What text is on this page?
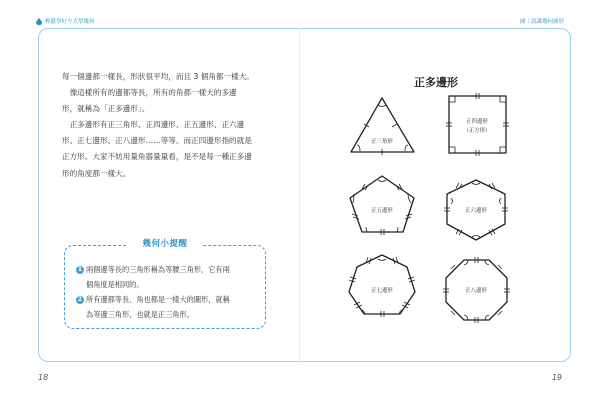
輕鬆學好方式學幾何	圖｜認識幾何圖形
每一個邊都一樣長，形狀很平均，而且 3 個角都一樣大。
　像這樣所有的邊都等長，所有的角都一樣大的多邊
形，就稱為「正多邊形」。
　正多邊形有正三角形、正四邊形、正五邊形、正六邊
形、正七邊形、正八邊形……等等。而正四邊形指的就是
正方形。大家不妨用量角器量量看，是不是每一種正多邊
形的角度都一樣大。
幾何小提醒
1 兩個邊等長的三角形稱為等腰三角形，它有兩
個角度是相同的。
2 所有邊都等長、角也都是一樣大的圖形，就稱
為等邊三角形，也就是正三角形。
正多邊形
正三角形
正四邊形
（正方形）
正五邊形	正六邊形
正七邊形	正八邊形
18	19
